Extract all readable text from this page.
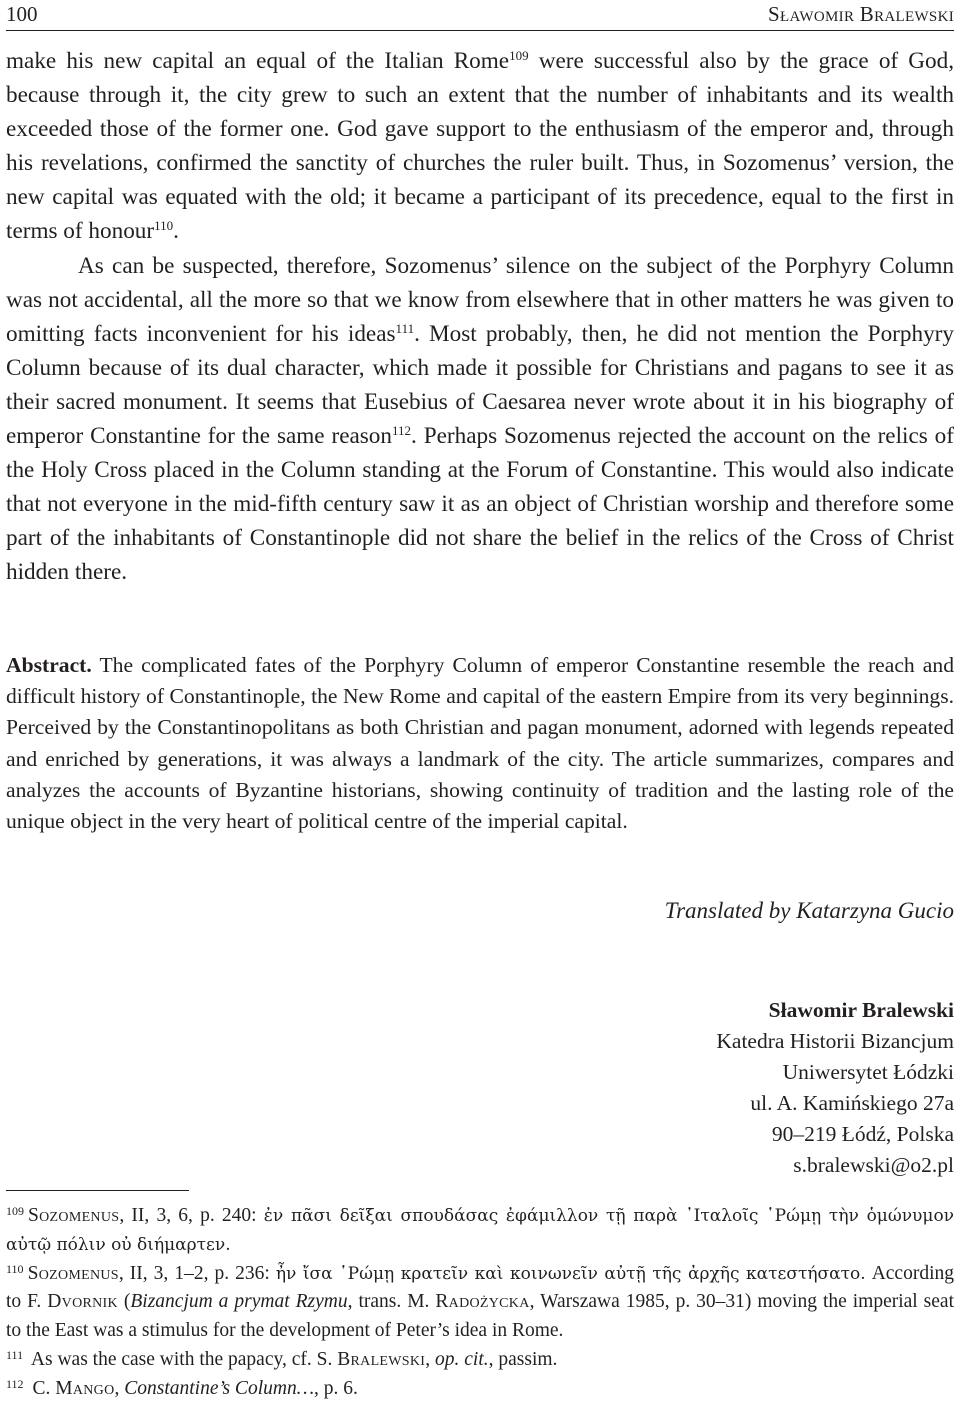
100	Sławomir Bralewski

make his new capital an equal of the Italian Rome$^{109}$ were successful also by the grace of God, because through it, the city grew to such an extent that the number of inhabitants and its wealth exceeded those of the former one. God gave support to the enthusiasm of the emperor and, through his revelations, confirmed the sanctity of churches the ruler built. Thus, in Sozomenus’ version, the new capital was equated with the old; it became a participant of its precedence, equal to the first in terms of honour$^{110}$.

As can be suspected, therefore, Sozomenus’ silence on the subject of the Porphyry Column was not accidental, all the more so that we know from elsewhere that in other matters he was given to omitting facts inconvenient for his ideas$^{111}$. Most probably, then, he did not mention the Porphyry Column because of its dual character, which made it possible for Christians and pagans to see it as their sacred monument. It seems that Eusebius of Caesarea never wrote about it in his biography of emperor Constantine for the same reason$^{112}$. Perhaps Sozomenus rejected the account on the relics of the Holy Cross placed in the Column standing at the Forum of Constantine. This would also indicate that not everyone in the mid-fifth century saw it as an object of Christian worship and therefore some part of the inhabitants of Constantinople did not share the belief in the relics of the Cross of Christ hidden there.

Abstract. The complicated fates of the Porphyry Column of emperor Constantine resemble the reach and difficult history of Constantinople, the New Rome and capital of the eastern Empire from its very beginnings. Perceived by the Constantinopolitans as both Christian and pagan monument, adorned with legends repeated and enriched by generations, it was always a landmark of the city. The article summarizes, compares and analyzes the accounts of Byzantine historians, showing continuity of tradition and the lasting role of the unique object in the very heart of political centre of the imperial capital.
Translated by Katarzyna Gucio
Sławomir Bralewski
Katedra Historii Bizancjum
Uniwersytet Łódzki
ul. A. Kamińskiego 27a
90–219 Łódź, Polska
s.bralewski@o2.pl

$^{109}$ Sozomenus, II, 3, 6, p. 240: ἐν πᾶσι δεῖξαι σπουδάσας ἐφάμιλλον τῇ παρὰ ᾿Ιταλοῖς ῾Ρώμῃ τὴν ὁμώνυμον αὐτῷ πόλιν οὐ διήμαρτεν.

$^{110}$ Sozomenus, II, 3, 1–2, p. 236: ἦν ἴσα ῾Ρώμῃ κρατεῖν καὶ κοινωνεῖν αὐτῇ τῆς ἀρχῆς κατεστήσατο. According to F. Dvornik (Bizancjum a prymat Rzymu, trans. M. Radożycka, Warszawa 1985, p. 30–31) moving the imperial seat to the East was a stimulus for the development of Peter’s idea in Rome.

$^{111}$ As was the case with the papacy, cf. S. Bralewski, op. cit., passim.

$^{112}$ C. Mango, Constantine’s Column…, p. 6.
